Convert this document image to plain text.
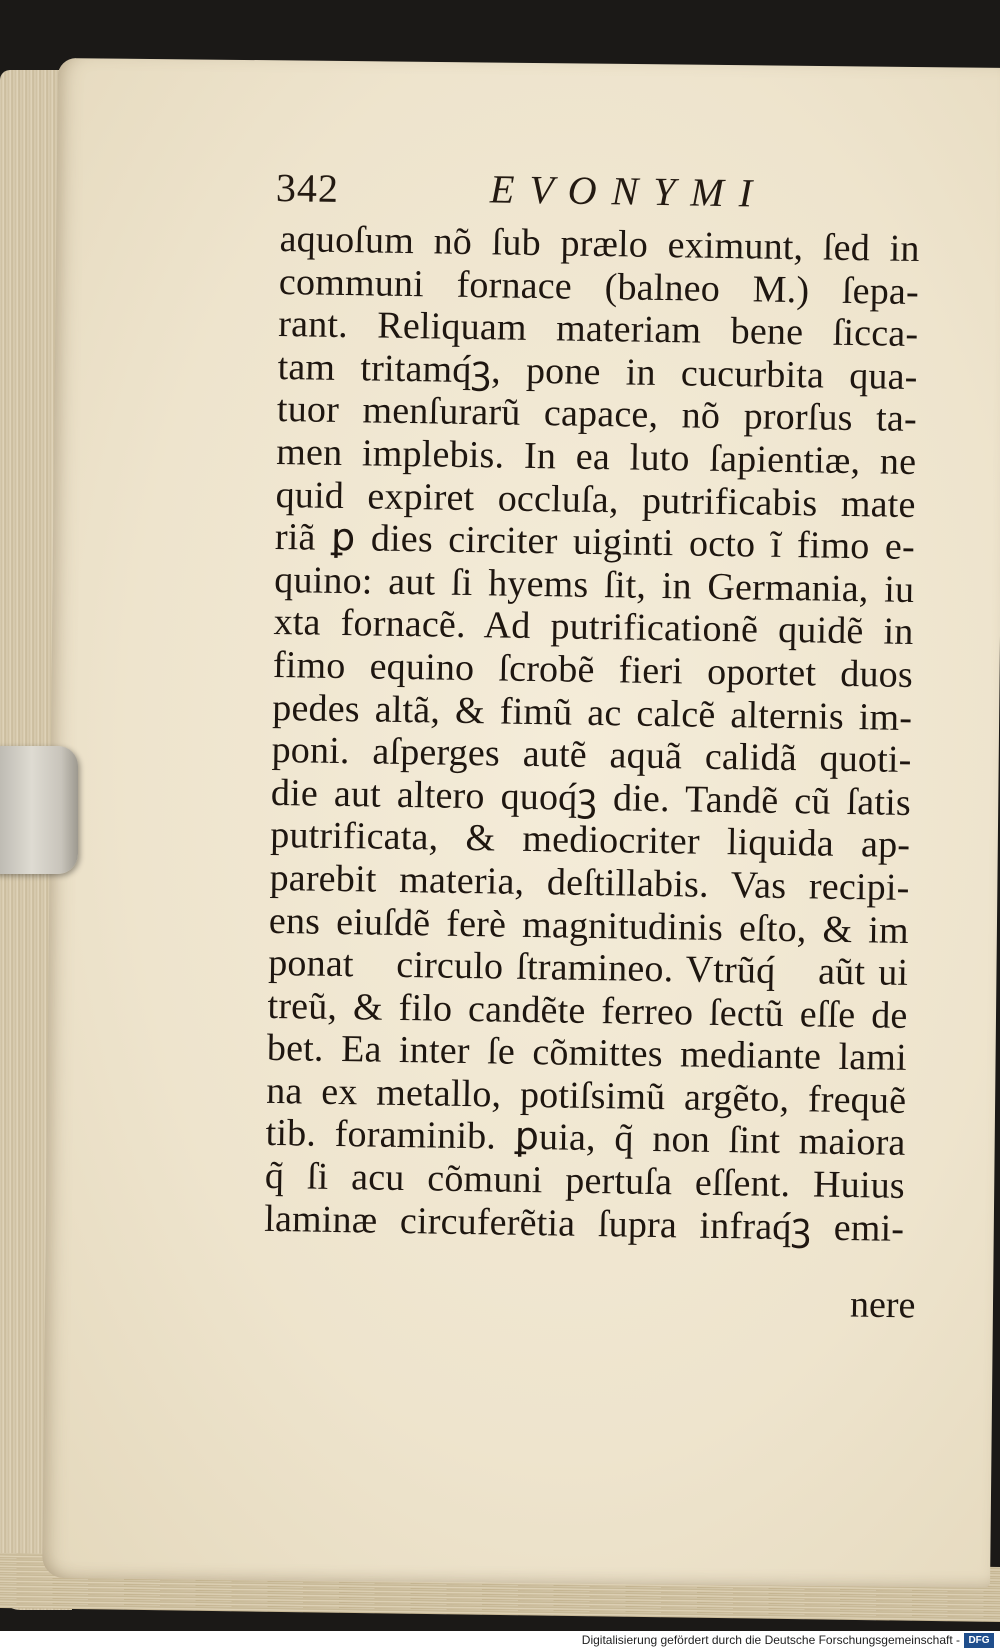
342	EVONYMI
aquoſum nõ ſub prælo eximunt, ſed in
communi fornace (balneo M.) ſepa-
rant. Reliquam materiam bene ſicca-
tam tritamq́ꝫ, pone in cucurbita qua-
tuor menſurarũ capace, nõ prorſus ta-
men implebis. In ea luto ſapientiæ, ne
quid expiret occluſa, putrificabis mate
riã ꝑ dies circiter uiginti octo ĩ fimo e-
quino: aut ſi hyems ſit, in Germania, iu
xta fornacẽ. Ad putrificationẽ quidẽ in
fimo equino ſcrobẽ fieri oportet duos
pedes altã, & fimũ ac calcẽ alternis im-
poni. aſperges autẽ aquã calidã quoti-
die aut altero quoq́ꝫ die. Tandẽ cũ ſatis
putrificata, & mediocriter liquida ap-
parebit materia, deſtillabis. Vas recipi-
ens eiuſdẽ ferè magnitudinis eſto, & im
ponatᷓ circulo ſtramineo. Vtrũq́ꝫ aũt ui
treũ, & filo candẽte ferreo ſectũ eſſe de
bet. Ea inter ſe cõmittes mediante lami
na ex metallo, potiſsimũ argẽto, frequẽ
tib. foraminib. ꝑuia, q̃ non ſint maiora
q̃ ſi acu cõmuni pertuſa eſſent. Huius
laminæ circuferẽtia ſupra infraq́ꝫ emi-
nere
Digitalisierung gefördert durch die Deutsche Forschungsgemeinschaft - DFG
